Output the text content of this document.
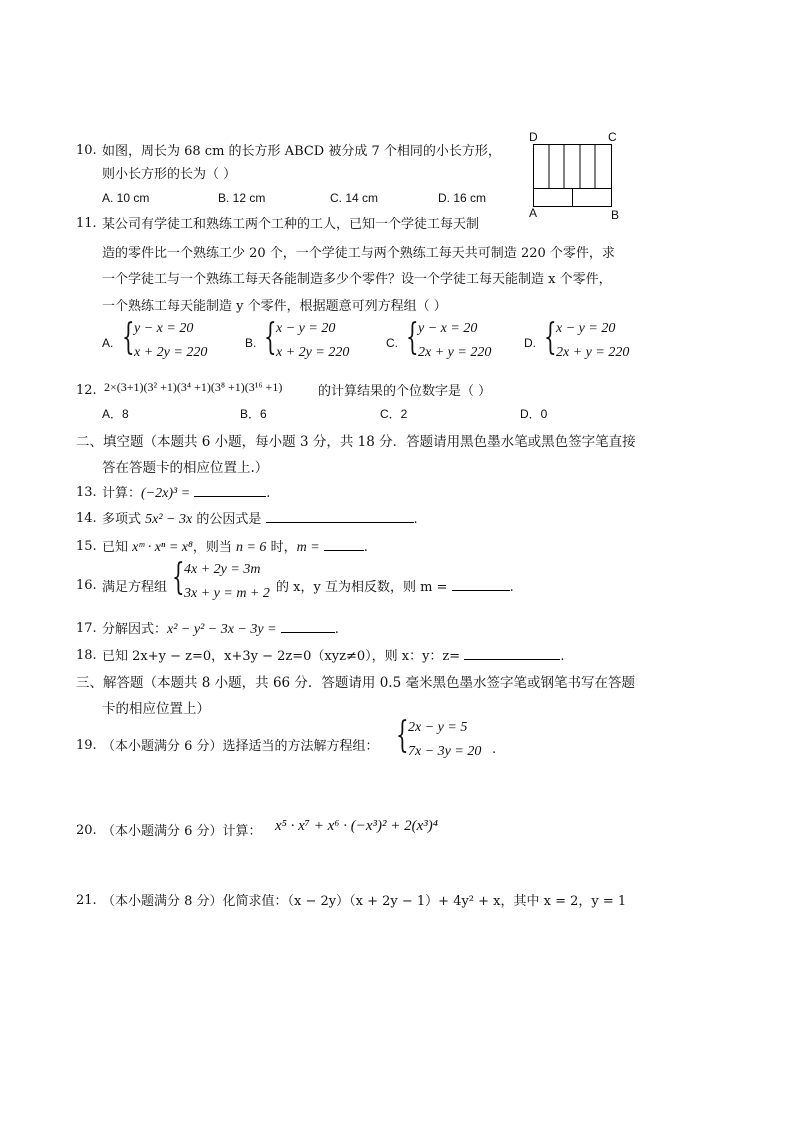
10. 如图，周长为 68 cm 的长方形 ABCD 被分成 7 个相同的小长方形，
则小长方形的长为（ ）
A. 10 cm	B. 12 cm	C. 14 cm	D. 16 cm
D	C
A	B
11. 某公司有学徒工和熟练工两个工种的工人，已知一个学徒工每天制
造的零件比一个熟练工少 20 个，一个学徒工与两个熟练工每天共可制造 220 个零件，求
一个学徒工与一个熟练工每天各能制造多少个零件？设一个学徒工每天能制造 x 个零件，
一个熟练工每天能制造 y 个零件，根据题意可列方程组（ ）
A. { y − x = 20
x + 2y = 220
B. { x − y = 20
x + 2y = 220
C. { y − x = 20
2x + y = 220
D. { x − y = 20
2x + y = 220
12. 2×(3+1)(3² +1)(3⁴ +1)(3⁸ +1)(3¹⁶ +1)	的计算结果的个位数字是（ ）
A．8	B．6	C．2	D．0
二、填空题（本题共 6 小题，每小题 3 分，共 18 分．答题请用黑色墨水笔或黑色签字笔直接
答在答题卡的相应位置上.）
13. 计算：(−2x)³ =	.
14. 多项式 5x² − 3x 的公因式是	.
15. 已知 xᵐ · xⁿ = x⁸，则当 n = 6 时，m =	.
16. 满足方程组 { 4x + 2y = 3m
3x + y = m + 2 的 x，y 互为相反数，则 m =	.
17. 分解因式：x² − y² − 3x − 3y =	.
18. 已知 2x+y − z=0，x+3y − 2z=0（xyz≠0），则 x：y：z=	.
三、解答题（本题共 8 小题，共 66 分．答题请用 0.5 毫米黑色墨水签字笔或钢笔书写在答题
卡的相应位置上）
19. （本小题满分 6 分）选择适当的方法解方程组： { 2x − y = 5
7x − 3y = 20 .
20. （本小题满分 6 分）计算： x⁵ · x⁷ + x⁶ · (−x³)² + 2(x³)⁴
21. （本小题满分 8 分）化简求值：（x − 2y）（x + 2y − 1）+ 4y² + x，其中 x = 2，y = 1
